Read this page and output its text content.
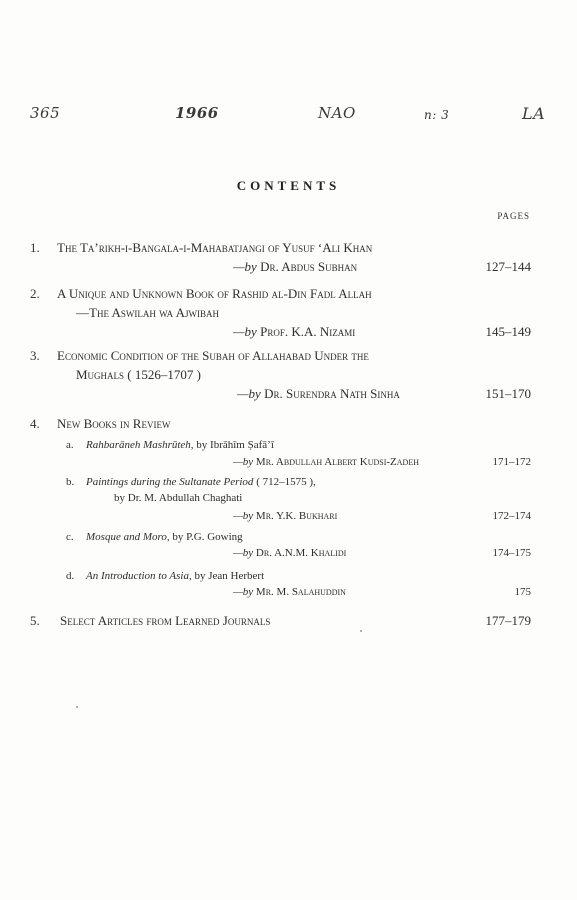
365	1966	NAO	n: 3	LA
CONTENTS
PAGES
1. The Ta’rikh-i-Bangala-i-Mahabatjangi of Yusuf ‘Ali Khan
—by Dr. Abdus Subhan	127–144
2. A Unique and Unknown Book of Rashid al-Din Fadl Allah
—The Aswilah wa Ajwibah
—by Prof. K.A. Nizami	145–149
3. Economic Condition of the Subah of Allahabad Under the
Mughals ( 1526–1707 )
—by Dr. Surendra Nath Sinha	151–170
4. New Books in Review
a. Rahbarāneh Mashrūteh, by Ibrāhīm Ṣafā’ī
—by Mr. Abdullah Albert Kudsi-Zadeh	171–172
b. Paintings during the Sultanate Period ( 712–1575 ),
by Dr. M. Abdullah Chaghati
—by Mr. Y.K. Bukhari	172–174
c. Mosque and Moro, by P.G. Gowing
—by Dr. A.N.M. Khalidi	174–175
d. An Introduction to Asia, by Jean Herbert
—by Mr. M. Salahuddin	175
5. Select Articles from Learned Journals	177–179
